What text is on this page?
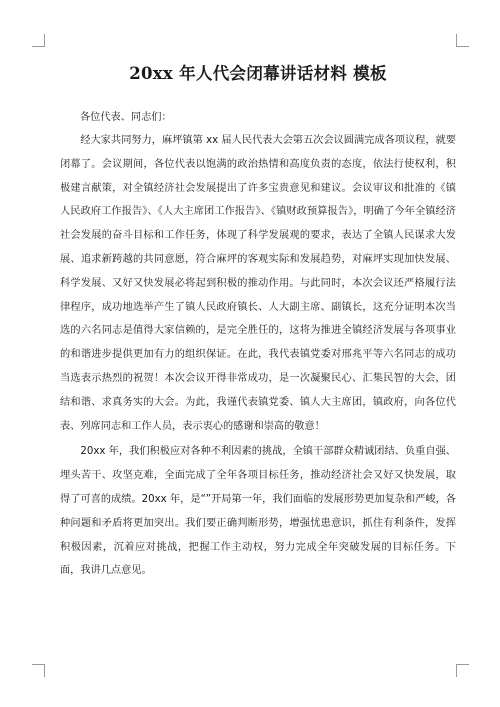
20xx 年人代会闭幕讲话材料 模板

各位代表、同志们：

经大家共同努力，麻坪镇第 xx 届人民代表大会第五次会议圆满完成各项议程，就要闭幕了。会议期间，各位代表以饱满的政治热情和高度负责的态度，依法行使权利，积极建言献策，对全镇经济社会发展提出了许多宝贵意见和建议。会议审议和批准的《镇人民政府工作报告》、《人大主席团工作报告》、《镇财政预算报告》，明确了今年全镇经济社会发展的奋斗目标和工作任务，体现了科学发展观的要求，表达了全镇人民谋求大发展、追求新跨越的共同意愿，符合麻坪的客观实际和发展趋势，对麻坪实现加快发展、科学发展、又好又快发展必将起到积极的推动作用。与此同时，本次会议还严格履行法律程序，成功地选举产生了镇人民政府镇长、人大副主席、副镇长，这充分证明本次当选的六名同志是值得大家信赖的，是完全胜任的，这将为推进全镇经济发展与各项事业的和谐进步提供更加有力的组织保证。在此，我代表镇党委对邢兆平等六名同志的成功当选表示热烈的祝贺！本次会议开得非常成功，是一次凝聚民心、汇集民智的大会，团结和谐、求真务实的大会。为此，我谨代表镇党委、镇人大主席团，镇政府，向各位代表、列席同志和工作人员，表示衷心的感谢和崇高的敬意！

20xx 年，我们积极应对各种不利因素的挑战，全镇干部群众精诚团结、负重自强、埋头苦干、攻坚克难，全面完成了全年各项目标任务，推动经济社会又好又快发展，取得了可喜的成绩。20xx 年，是“”开局第一年，我们面临的发展形势更加复杂和严峻，各种问题和矛盾将更加突出。我们要正确判断形势，增强忧患意识，抓住有利条件，发挥积极因素，沉着应对挑战，把握工作主动权，努力完成全年突破发展的目标任务。下面，我讲几点意见。
